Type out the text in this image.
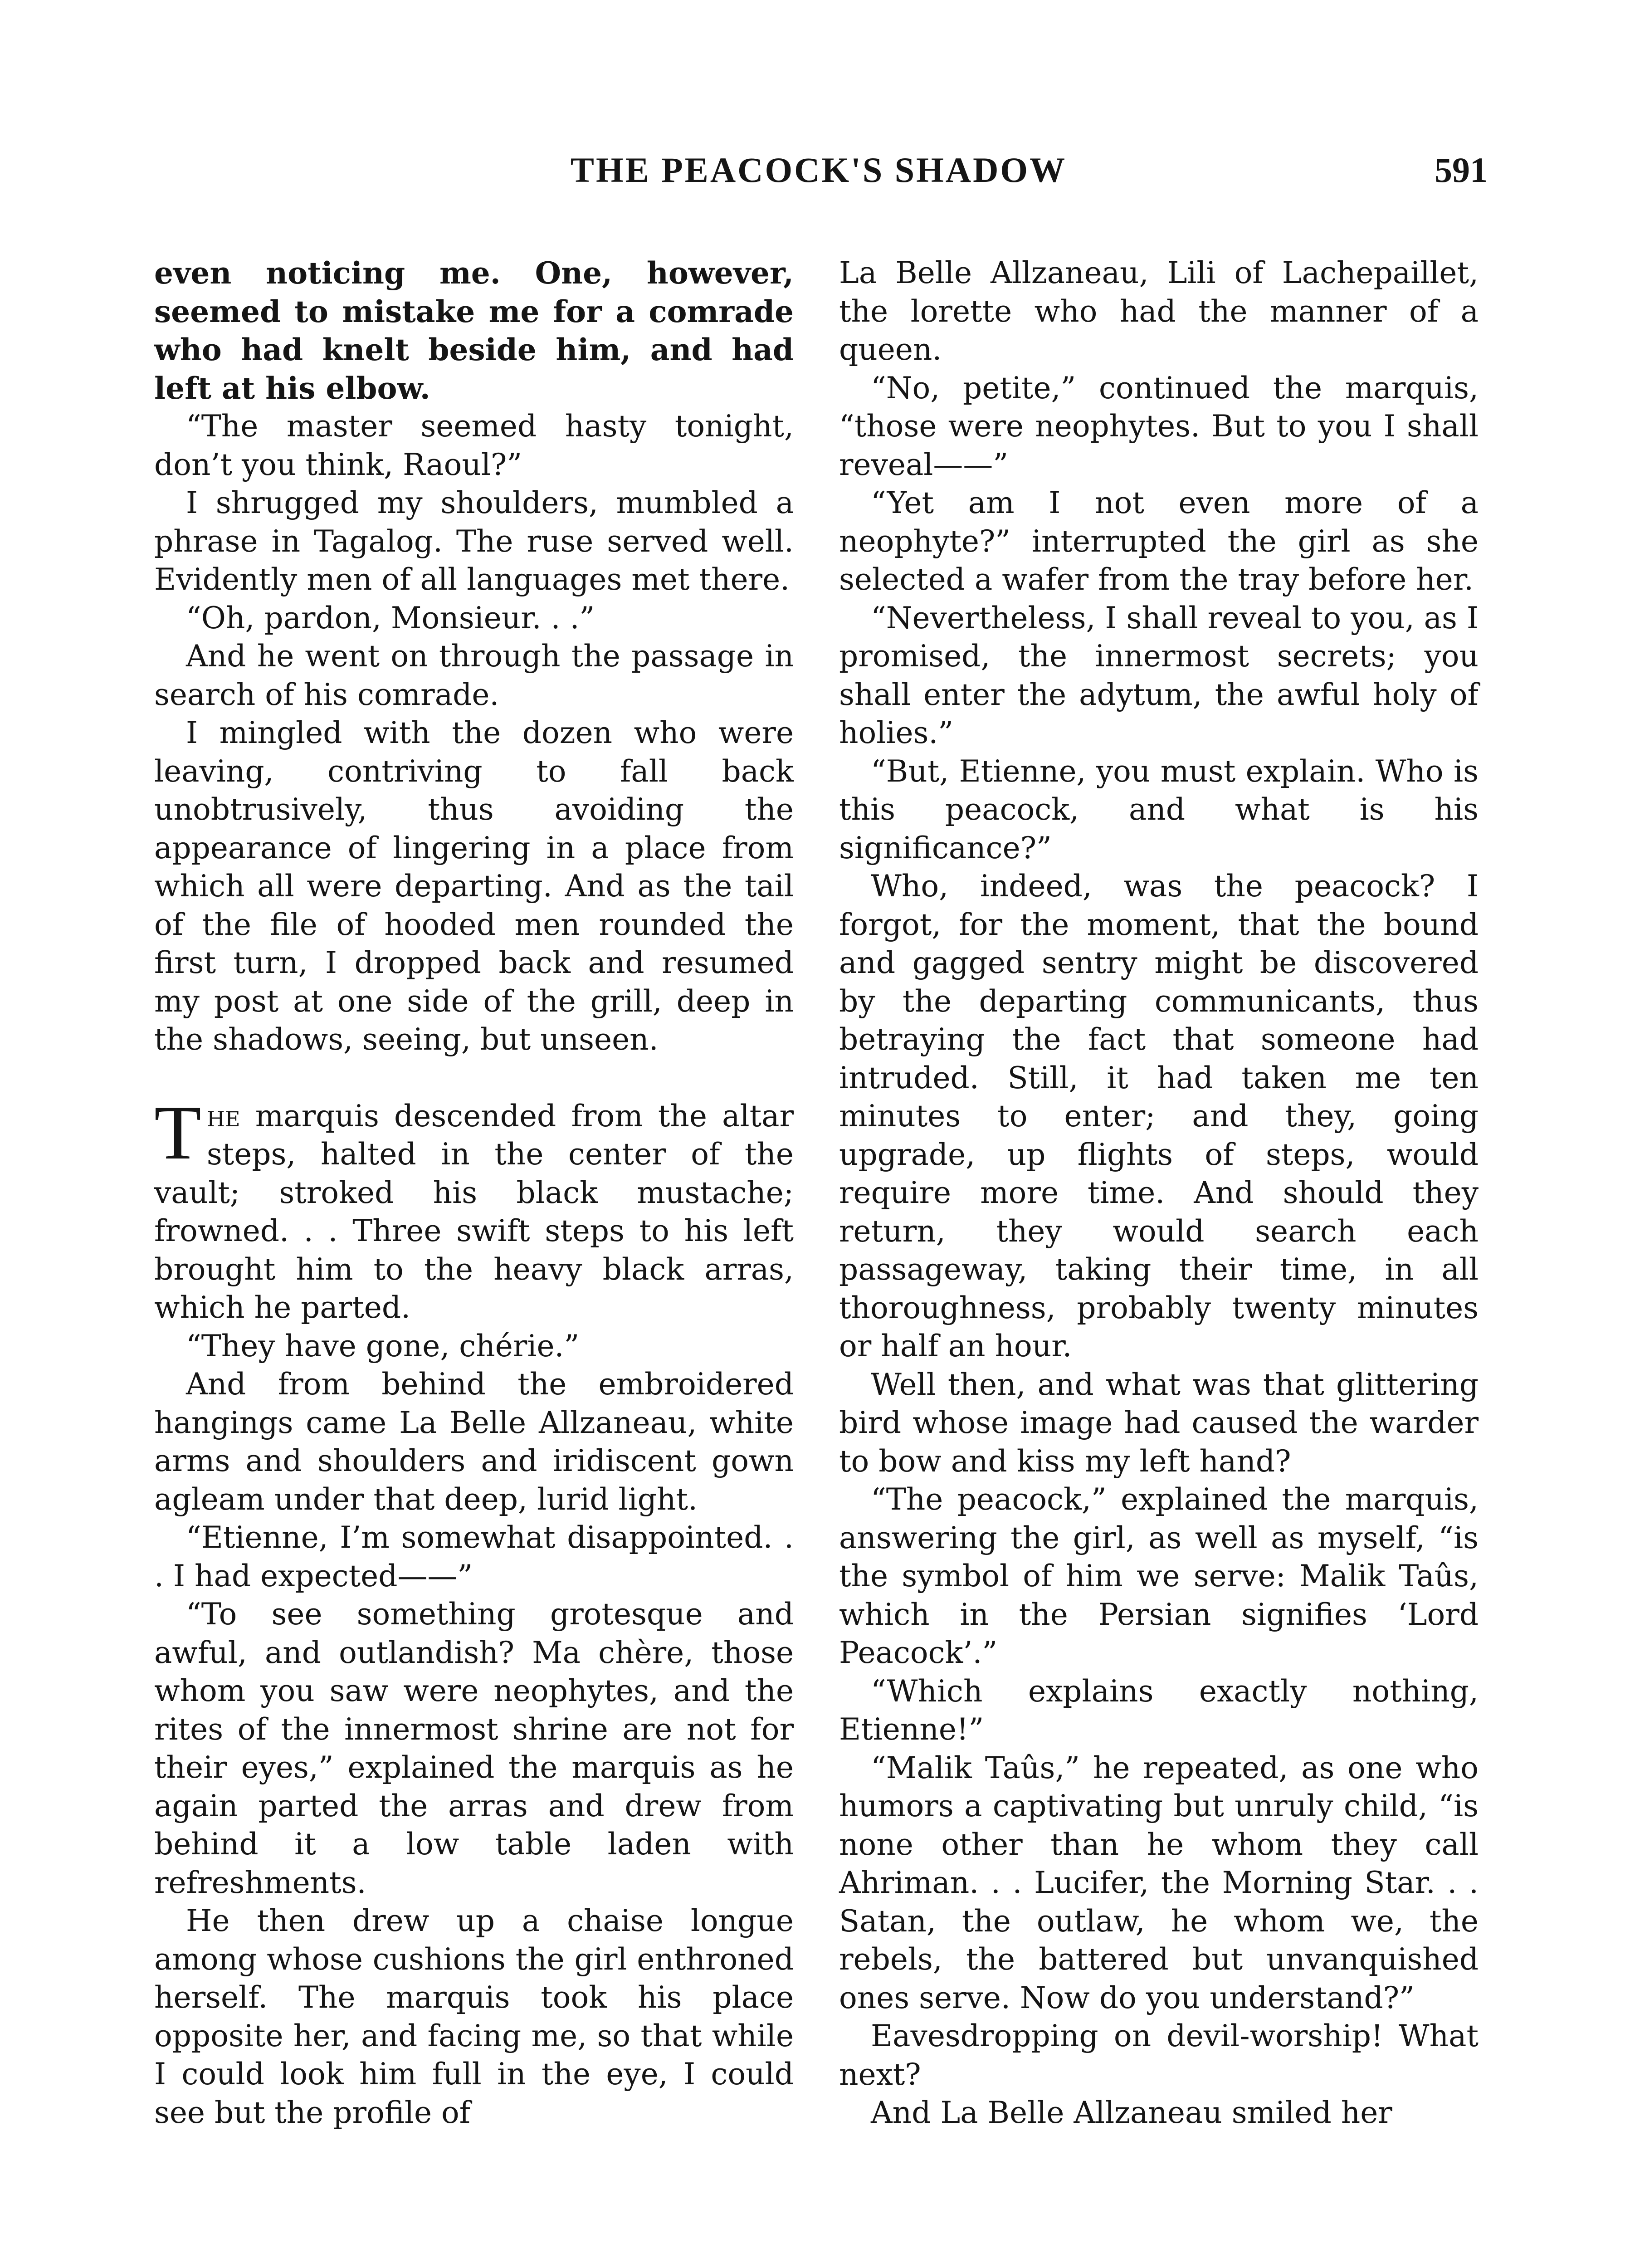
THE PEACOCK'S SHADOW	591

even noticing me. One, however, seemed to mistake me for a comrade who had knelt beside him, and had left at his elbow.

“The master seemed hasty tonight, don’t you think, Raoul?”

I shrugged my shoulders, mumbled a phrase in Tagalog. The ruse served well. Evidently men of all languages met there.

“Oh, pardon, Monsieur. . .”

And he went on through the passage in search of his comrade.

I mingled with the dozen who were leaving, contriving to fall back unobtrusively, thus avoiding the appearance of lingering in a place from which all were departing. And as the tail of the file of hooded men rounded the first turn, I dropped back and resumed my post at one side of the grill, deep in the shadows, seeing, but unseen.

The marquis descended from the altar steps, halted in the center of the vault; stroked his black mustache; frowned. . . Three swift steps to his left brought him to the heavy black arras, which he parted.

“They have gone, chérie.”

And from behind the embroidered hangings came La Belle Allzaneau, white arms and shoulders and iridiscent gown agleam under that deep, lurid light.

“Etienne, I’m somewhat disappointed. . . I had expected——”

“To see something grotesque and awful, and outlandish? Ma chère, those whom you saw were neophytes, and the rites of the innermost shrine are not for their eyes,” explained the marquis as he again parted the arras and drew from behind it a low table laden with refreshments.

He then drew up a chaise longue among whose cushions the girl enthroned herself. The marquis took his place opposite her, and facing me, so that while I could look him full in the eye, I could see but the profile of

La Belle Allzaneau, Lili of Lachepaillet, the lorette who had the manner of a queen.

“No, petite,” continued the marquis, “those were neophytes. But to you I shall reveal——”

“Yet am I not even more of a neophyte?” interrupted the girl as she selected a wafer from the tray before her.

“Nevertheless, I shall reveal to you, as I promised, the innermost secrets; you shall enter the adytum, the awful holy of holies.”

“But, Etienne, you must explain. Who is this peacock, and what is his significance?”

Who, indeed, was the peacock? I forgot, for the moment, that the bound and gagged sentry might be discovered by the departing communicants, thus betraying the fact that someone had intruded. Still, it had taken me ten minutes to enter; and they, going upgrade, up flights of steps, would require more time. And should they return, they would search each passageway, taking their time, in all thoroughness, probably twenty minutes or half an hour.

Well then, and what was that glittering bird whose image had caused the warder to bow and kiss my left hand?

“The peacock,” explained the marquis, answering the girl, as well as myself, “is the symbol of him we serve: Malik Taûs, which in the Persian signifies ‘Lord Peacock’.”

“Which explains exactly nothing, Etienne!”

“Malik Taûs,” he repeated, as one who humors a captivating but unruly child, “is none other than he whom they call Ahriman. . . Lucifer, the Morning Star. . . Satan, the outlaw, he whom we, the rebels, the battered but unvanquished ones serve. Now do you understand?”

Eavesdropping on devil-worship! What next?

And La Belle Allzaneau smiled her
